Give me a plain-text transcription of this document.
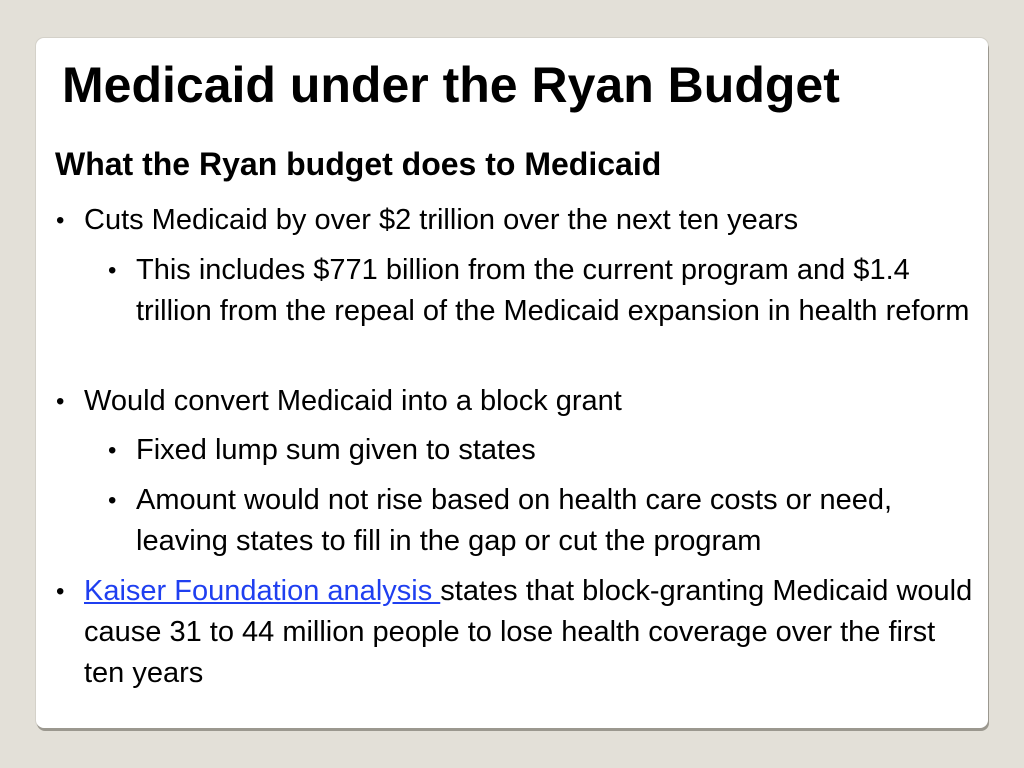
Medicaid under the Ryan Budget
What the Ryan budget does to Medicaid
• Cuts Medicaid by over $2 trillion over the next ten years
• This includes $771 billion from the current program and $1.4 trillion from the repeal of the Medicaid expansion in health reform
• Would convert Medicaid into a block grant
• Fixed lump sum given to states
• Amount would not rise based on health care costs or need, leaving states to fill in the gap or cut the program
• Kaiser Foundation analysis states that block-granting Medicaid would cause 31 to 44 million people to lose health coverage over the first ten years
